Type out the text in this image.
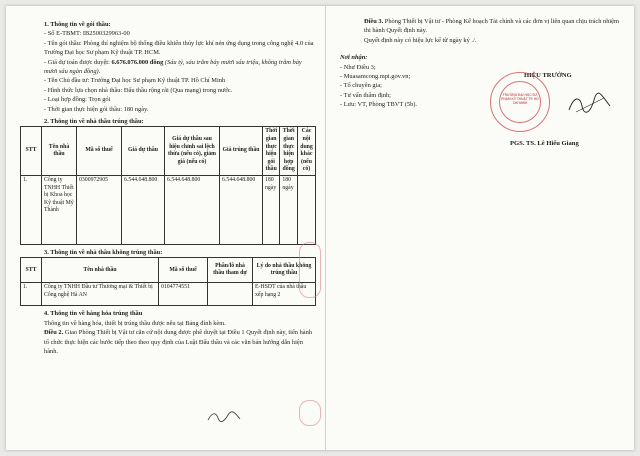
1. Thông tin về gói thầu:
- Số E-TBMT: IB2500329963-00
- Tên gói thầu: Phòng thí nghiệm bộ thống điều khiển thủy lực khí nén ứng dụng trong công nghệ 4.0 của Trường Đại học Sư phạm Kỹ thuật TP. HCM.
- Giá dự toán được duyệt: 6.676.076.000 đồng (Sáu tỷ, sáu trăm bảy mươi sáu triệu, không trăm bảy mươi sáu ngàn đồng).
- Tên Chủ đầu tư: Trường Đại học Sư phạm Kỹ thuật TP. Hồ Chí Minh
- Hình thức lựa chọn nhà thầu: Đấu thầu rộng rãi (Qua mạng) trong nước.
- Loại hợp đồng: Trọn gói
- Thời gian thực hiện gói thầu: 180 ngày.
2. Thông tin về nhà thầu trúng thầu:
STT	Tên nhà thầu	Mã số thuế	Giá dự thầu	Giá dự thầu sau hiệu chỉnh sai lệch thừa (nếu có), giảm giá (nếu có)	Giá trúng thầu	Thời gian thực hiện gói thầu	Thời gian thực hiện hợp đồng	Các nội dung khác (nếu có)
1.	Công ty TNHH Thiết bị Khoa học Kỹ thuật Mỹ Thành	0300972905	6.544.648.800	6.544.648.800	6.544.648.800	180 ngày	180 ngày	
3. Thông tin về nhà thầu không trúng thầu:
STT	Tên nhà thầu	Mã số thuế	Phần/lô nhà thầu tham dự	Lý do nhà thầu không trúng thầu
1.	Công ty TNHH Đầu tư Thương mại & Thiết bị Công nghệ Hà AN	0104774551		E-HSDT của nhà thầu xếp hạng 2
4. Thông tin về hàng hóa trúng thầu
Thông tin về hàng hóa, thiết bị trúng thầu được nêu tại Bảng đính kèm.
Điều 2. Giao Phòng Thiết bị Vật tư căn cứ nội dung được phê duyệt tại Điều 1 Quyết định này, tiến hành tổ chức thực hiện các bước tiếp theo theo quy định của Luật Đấu thầu và các văn bản hướng dẫn hiện hành.
Điều 3. Phòng Thiết bị Vật tư - Phòng Kế hoạch Tài chính và các đơn vị liên quan chịu trách nhiệm thi hành Quyết định này.
Quyết định này có hiệu lực kể từ ngày ký ./.
Nơi nhận:
- Như Điều 3;
- Muasamcong.mpi.gov.vn;
- Tổ chuyên gia;
- Tư vấn thẩm định;
- Lưu: VT, Phòng TBVT (5b).
HIỆU TRƯỞNG
TRƯỜNG ĐẠI HỌC SƯ PHẠM KỸ THUẬT TP. HỒ CHÍ MINH
PGS. TS. Lê Hiếu Giang
